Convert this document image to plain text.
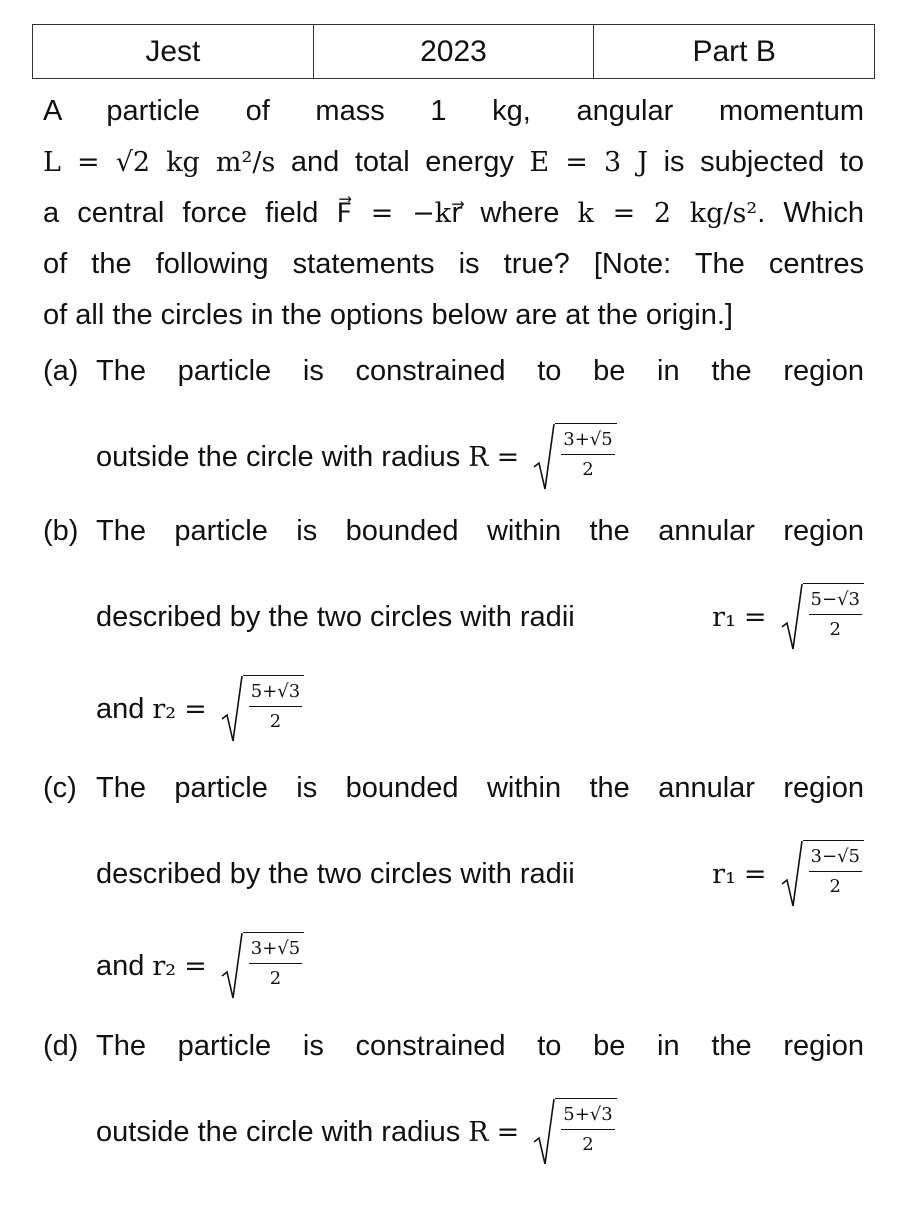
Jest	2023	Part B
A particle of mass 1 kg, angular momentum
L = √2 kg m²/s and total energy E = 3 J is subjected to
a central force field F⃗ = −kr⃗ where k = 2 kg/s². Which
of the following statements is true? [Note: The centres
of all the circles in the options below are at the origin.]
(a) The particle is constrained to be in the region
outside the circle with radius $R = \frac{3+√5}{2}$
(b) The particle is bounded within the annular region
described by the two circles with radii	$r_1 = \frac{5-√3}{2}$
and $r_2 = \frac{5+√3}{2}$
(c) The particle is bounded within the annular region
described by the two circles with radii	$r_1 = \frac{3-√5}{2}$
and $r_2 = \frac{3+√5}{2}$
(d) The particle is constrained to be in the region
outside the circle with radius $R = \frac{5+√3}{2}$
